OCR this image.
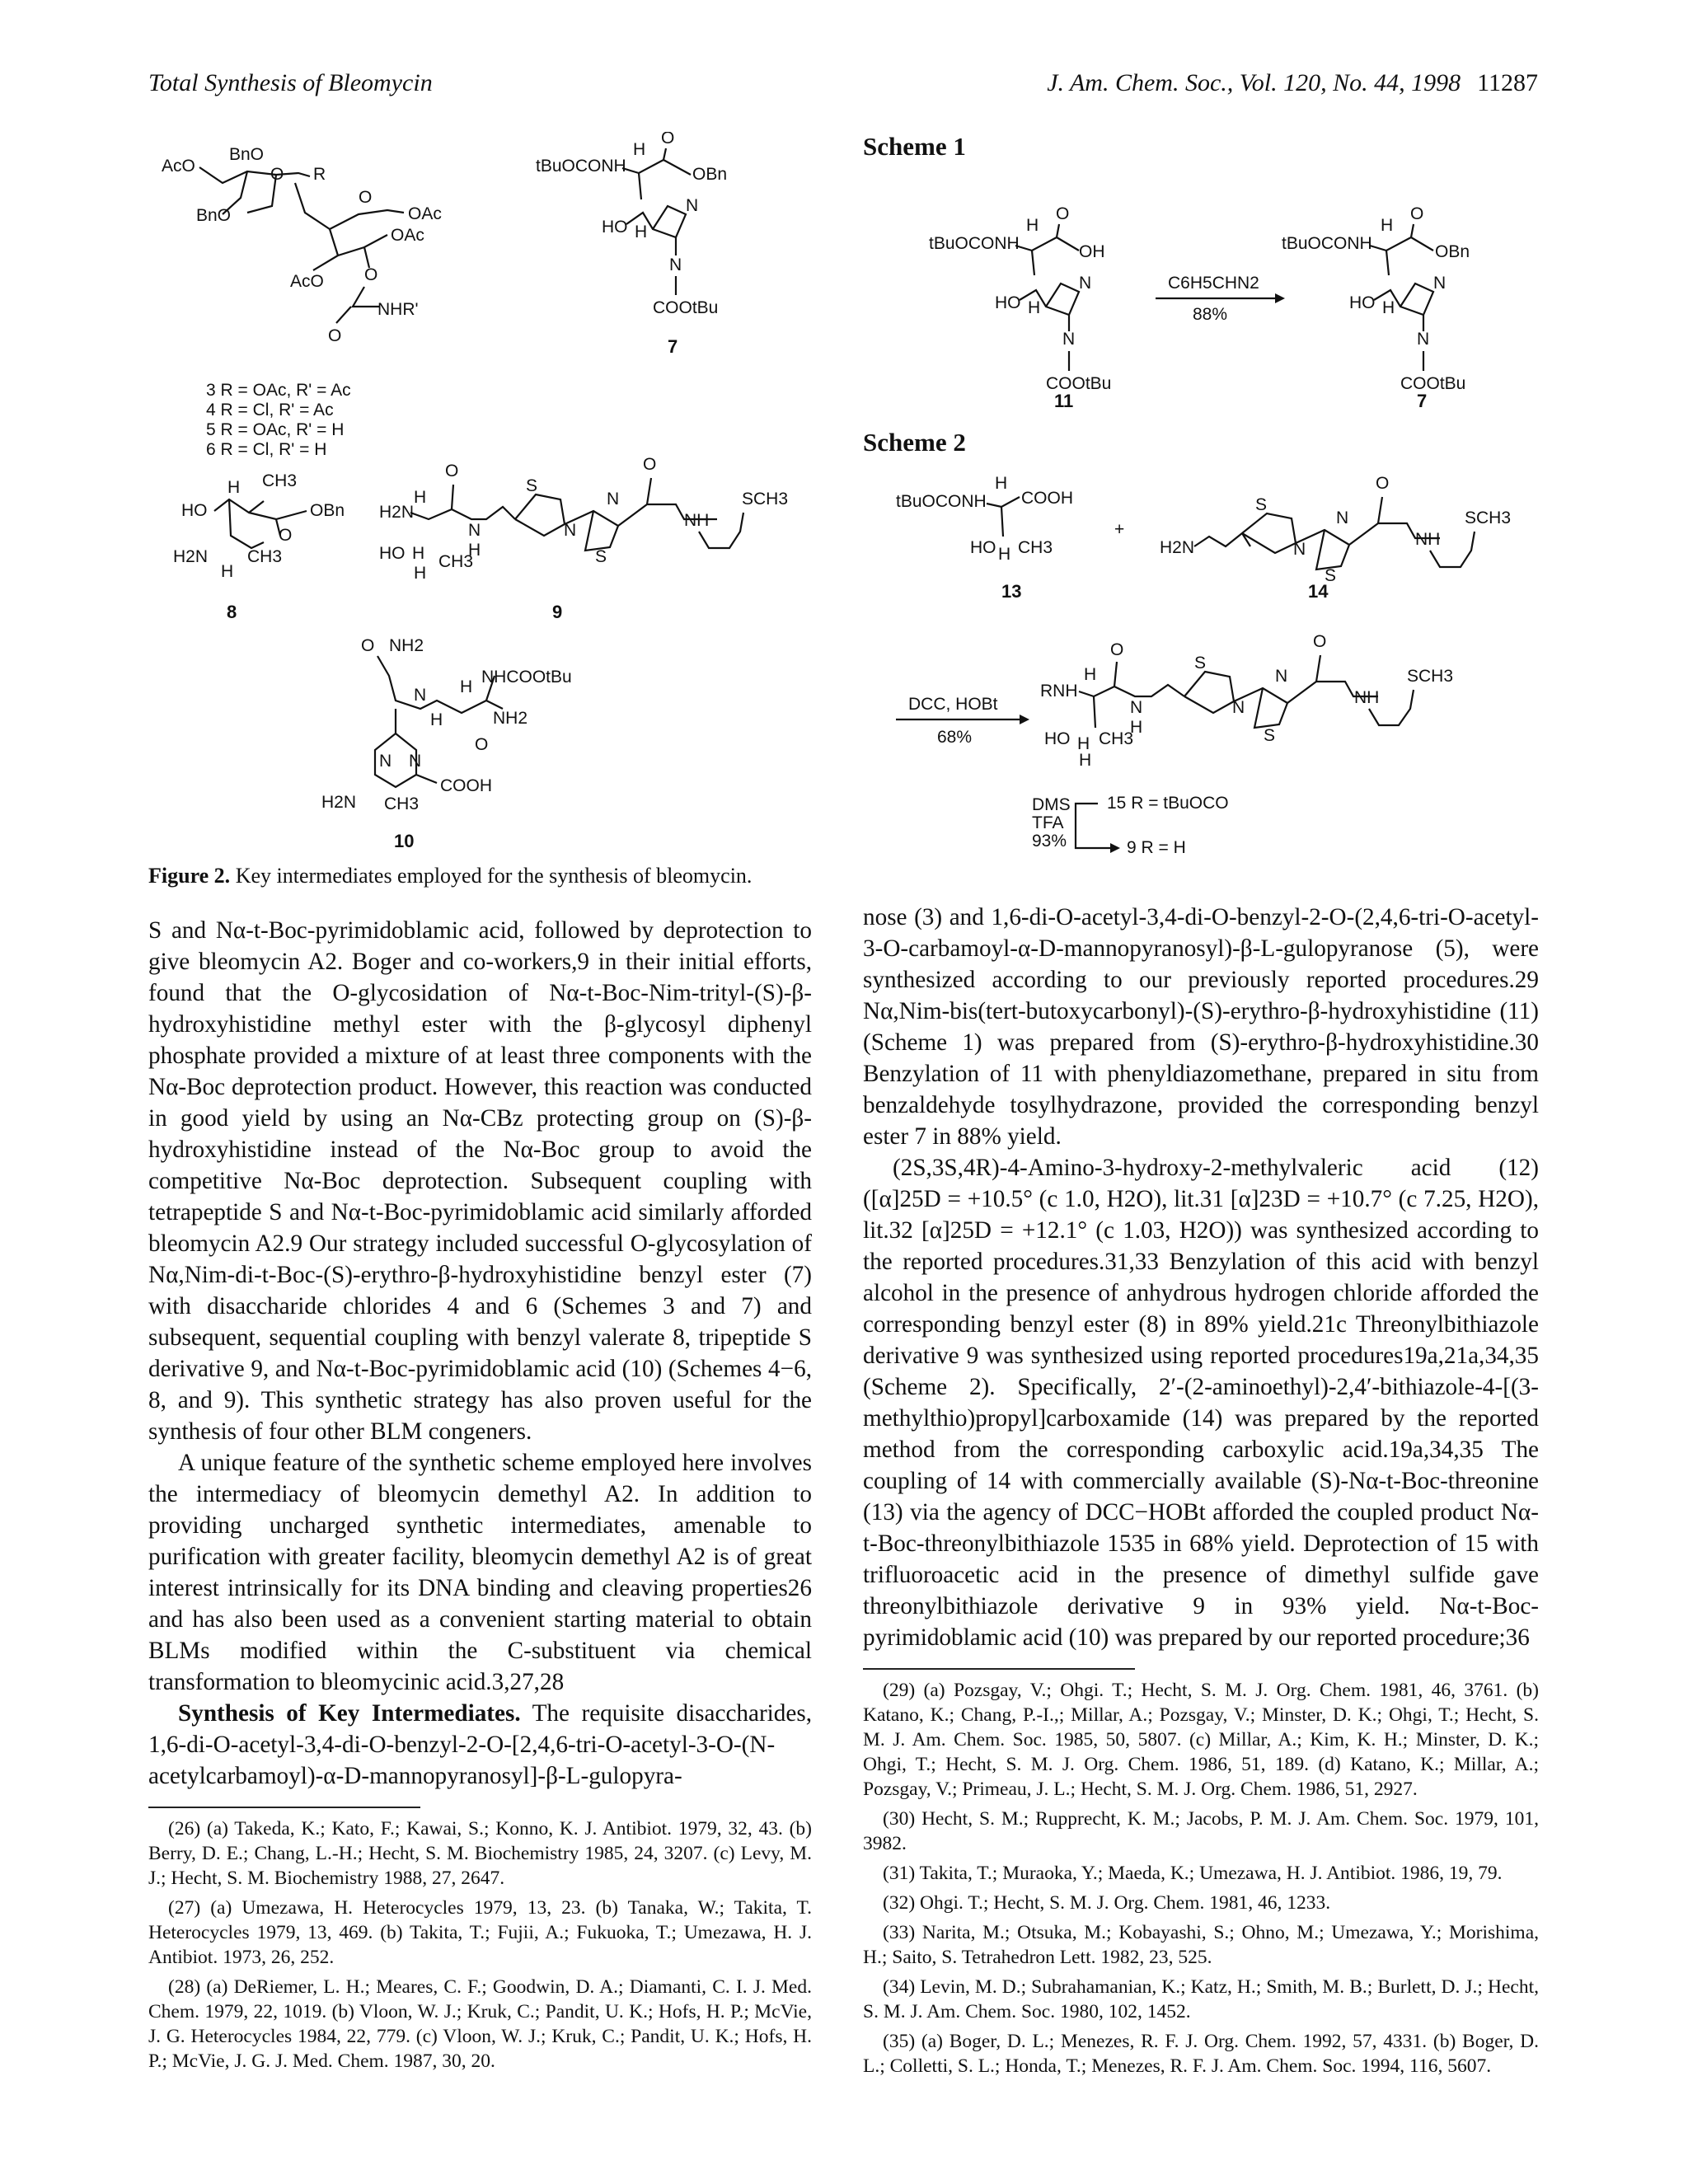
Total Synthesis of Bleomycin	J. Am. Chem. Soc., Vol. 120, No. 44, 1998 11287
AcO
BnO
O R
BnO
O
OAc
OAc
AcO O
O
NHR'
3 R = OAc, R' = Ac
4 R = Cl, R' = Ac
5 R = OAc, R' = H
6 R = Cl, R' = H
tBuOCONH
H
O
OBn
HO H
N
N
COOtBu
7
H CH3
HO
O
OBn
H2N CH3
H
8
H2N
H
O
N
H
HO H CH3
H
S
N
N
S
O
NH
SCH3
9
O NH2
N H
NHCOOtBu
H	NH2
O
N N
H2N
COOH
CH3
10
Figure 2. Key intermediates employed for the synthesis of bleomycin.

S and Nα-t-Boc-pyrimidoblamic acid, followed by deprotection to give bleomycin A2. Boger and co-workers,9 in their initial efforts, found that the O-glycosidation of Nα-t-Boc-Nim-trityl-(S)-β-hydroxyhistidine methyl ester with the β-glycosyl diphenyl phosphate provided a mixture of at least three components with the Nα-Boc deprotection product. However, this reaction was conducted in good yield by using an Nα-CBz protecting group on (S)-β-hydroxyhistidine instead of the Nα-Boc group to avoid the competitive Nα-Boc deprotection. Subsequent coupling with tetrapeptide S and Nα-t-Boc-pyrimidoblamic acid similarly afforded bleomycin A2.9 Our strategy included successful O-glycosylation of Nα,Nim-di-t-Boc-(S)-erythro-β-hydroxyhistidine benzyl ester (7) with disaccharide chlorides 4 and 6 (Schemes 3 and 7) and subsequent, sequential coupling with benzyl valerate 8, tripeptide S derivative 9, and Nα-t-Boc-pyrimidoblamic acid (10) (Schemes 4−6, 8, and 9). This synthetic strategy has also proven useful for the synthesis of four other BLM congeners.

A unique feature of the synthetic scheme employed here involves the intermediacy of bleomycin demethyl A2. In addition to providing uncharged synthetic intermediates, amenable to purification with greater facility, bleomycin demethyl A2 is of great interest intrinsically for its DNA binding and cleaving properties26 and has also been used as a convenient starting material to obtain BLMs modified within the C-substituent via chemical transformation to bleomycinic acid.3,27,28

Synthesis of Key Intermediates. The requisite disaccharides, 1,6-di-O-acetyl-3,4-di-O-benzyl-2-O-[2,4,6-tri-O-acetyl-3-O-(N-acetylcarbamoyl)-α-D-mannopyranosyl]-β-L-gulopyra-

(26) (a) Takeda, K.; Kato, F.; Kawai, S.; Konno, K. J. Antibiot. 1979, 32, 43. (b) Berry, D. E.; Chang, L.-H.; Hecht, S. M. Biochemistry 1985, 24, 3207. (c) Levy, M. J.; Hecht, S. M. Biochemistry 1988, 27, 2647.

(27) (a) Umezawa, H. Heterocycles 1979, 13, 23. (b) Tanaka, W.; Takita, T. Heterocycles 1979, 13, 469. (b) Takita, T.; Fujii, A.; Fukuoka, T.; Umezawa, H. J. Antibiot. 1973, 26, 252.

(28) (a) DeRiemer, L. H.; Meares, C. F.; Goodwin, D. A.; Diamanti, C. I. J. Med. Chem. 1979, 22, 1019. (b) Vloon, W. J.; Kruk, C.; Pandit, U. K.; Hofs, H. P.; McVie, J. G. Heterocycles 1984, 22, 779. (c) Vloon, W. J.; Kruk, C.; Pandit, U. K.; Hofs, H. P.; McVie, J. G. J. Med. Chem. 1987, 30, 20.

Scheme 1
tBuOCONH
H
O
OH
HO H
N
N
COOtBu
11
C6H5CHN2
88%
tBuOCONH
H
O
OBn
HO H
N
N
COOtBu
7
Scheme 2
tBuOCONH
H
COOH
HO H CH3
13
+
H2N
S
N
N
S
O
NH
SCH3
14
DCC, HOBt
68%
RNH
H
O
N
H
HO H CH3
H
S
N
N
S
O
NH
SCH3
DMS
TFA
93%
15 R = tBuOCO
9 R = H

nose (3) and 1,6-di-O-acetyl-3,4-di-O-benzyl-2-O-(2,4,6-tri-O-acetyl-3-O-carbamoyl-α-D-mannopyranosyl)-β-L-gulopyranose (5), were synthesized according to our previously reported procedures.29 Nα,Nim-bis(tert-butoxycarbonyl)-(S)-erythro-β-hydroxyhistidine (11) (Scheme 1) was prepared from (S)-erythro-β-hydroxyhistidine.30 Benzylation of 11 with phenyldiazomethane, prepared in situ from benzaldehyde tosylhydrazone, provided the corresponding benzyl ester 7 in 88% yield.

(2S,3S,4R)-4-Amino-3-hydroxy-2-methylvaleric acid (12) ([α]25D = +10.5° (c 1.0, H2O), lit.31 [α]23D = +10.7° (c 7.25, H2O), lit.32 [α]25D = +12.1° (c 1.03, H2O)) was synthesized according to the reported procedures.31,33 Benzylation of this acid with benzyl alcohol in the presence of anhydrous hydrogen chloride afforded the corresponding benzyl ester (8) in 89% yield.21c Threonylbithiazole derivative 9 was synthesized using reported procedures19a,21a,34,35 (Scheme 2). Specifically, 2′-(2-aminoethyl)-2,4′-bithiazole-4-[(3-methylthio)propyl]carboxamide (14) was prepared by the reported method from the corresponding carboxylic acid.19a,34,35 The coupling of 14 with commercially available (S)-Nα-t-Boc-threonine (13) via the agency of DCC−HOBt afforded the coupled product Nα-t-Boc-threonylbithiazole 1535 in 68% yield. Deprotection of 15 with trifluoroacetic acid in the presence of dimethyl sulfide gave threonylbithiazole derivative 9 in 93% yield. Nα-t-Boc-pyrimidoblamic acid (10) was prepared by our reported procedure;36

(29) (a) Pozsgay, V.; Ohgi. T.; Hecht, S. M. J. Org. Chem. 1981, 46, 3761. (b) Katano, K.; Chang, P.-I.,; Millar, A.; Pozsgay, V.; Minster, D. K.; Ohgi, T.; Hecht, S. M. J. Am. Chem. Soc. 1985, 50, 5807. (c) Millar, A.; Kim, K. H.; Minster, D. K.; Ohgi, T.; Hecht, S. M. J. Org. Chem. 1986, 51, 189. (d) Katano, K.; Millar, A.; Pozsgay, V.; Primeau, J. L.; Hecht, S. M. J. Org. Chem. 1986, 51, 2927.

(30) Hecht, S. M.; Rupprecht, K. M.; Jacobs, P. M. J. Am. Chem. Soc. 1979, 101, 3982.

(31) Takita, T.; Muraoka, Y.; Maeda, K.; Umezawa, H. J. Antibiot. 1986, 19, 79.

(32) Ohgi. T.; Hecht, S. M. J. Org. Chem. 1981, 46, 1233.

(33) Narita, M.; Otsuka, M.; Kobayashi, S.; Ohno, M.; Umezawa, Y.; Morishima, H.; Saito, S. Tetrahedron Lett. 1982, 23, 525.

(34) Levin, M. D.; Subrahamanian, K.; Katz, H.; Smith, M. B.; Burlett, D. J.; Hecht, S. M. J. Am. Chem. Soc. 1980, 102, 1452.

(35) (a) Boger, D. L.; Menezes, R. F. J. Org. Chem. 1992, 57, 4331. (b) Boger, D. L.; Colletti, S. L.; Honda, T.; Menezes, R. F. J. Am. Chem. Soc. 1994, 116, 5607.
